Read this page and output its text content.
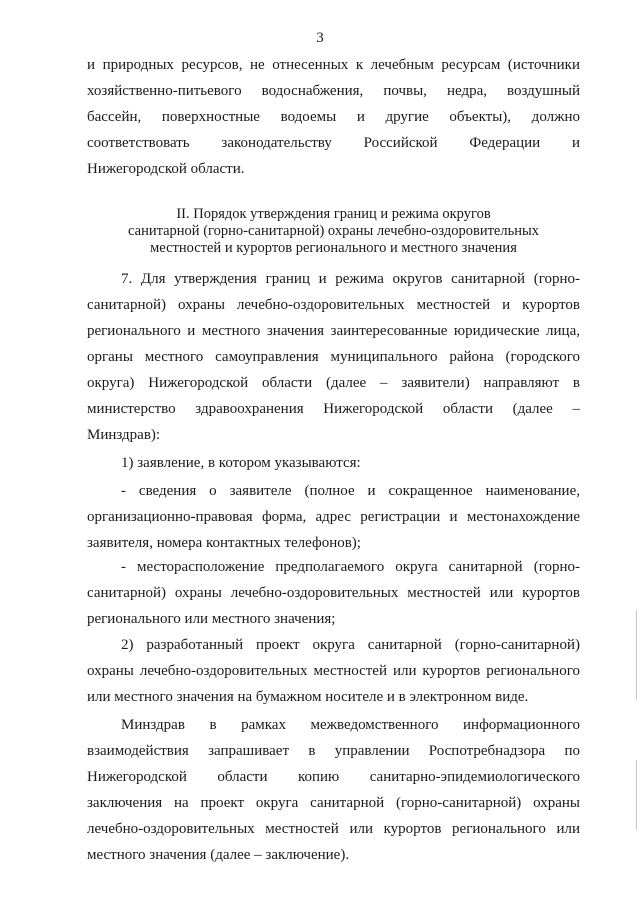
3
и природных ресурсов, не отнесенных к лечебным ресурсам (источники
хозяйственно-питьевого водоснабжения, почвы, недра, воздушный
бассейн, поверхностные водоемы и другие объекты), должно
соответствовать законодательству Российской Федерации и
Нижегородской области.
II. Порядок утверждения границ и режима округов
санитарной (горно-санитарной) охраны лечебно-оздоровительных
местностей и курортов регионального и местного значения
7. Для утверждения границ и режима округов санитарной (горно-
санитарной) охраны лечебно-оздоровительных местностей и курортов
регионального и местного значения заинтересованные юридические лица,
органы местного самоуправления муниципального района (городского
округа) Нижегородской области (далее – заявители) направляют в
министерство здравоохранения Нижегородской области (далее –
Минздрав):
1) заявление, в котором указываются:
- сведения о заявителе (полное и сокращенное наименование,
организационно-правовая форма, адрес регистрации и местонахождение
заявителя, номера контактных телефонов);
- месторасположение предполагаемого округа санитарной (горно-
санитарной) охраны лечебно-оздоровительных местностей или курортов
регионального или местного значения;
2) разработанный проект округа санитарной (горно-санитарной)
охраны лечебно-оздоровительных местностей или курортов регионального
или местного значения на бумажном носителе и в электронном виде.
Минздрав в рамках межведомственного информационного
взаимодействия запрашивает в управлении Роспотребнадзора по
Нижегородской области копию санитарно-эпидемиологического
заключения на проект округа санитарной (горно-санитарной) охраны
лечебно-оздоровительных местностей или курортов регионального или
местного значения (далее – заключение).
